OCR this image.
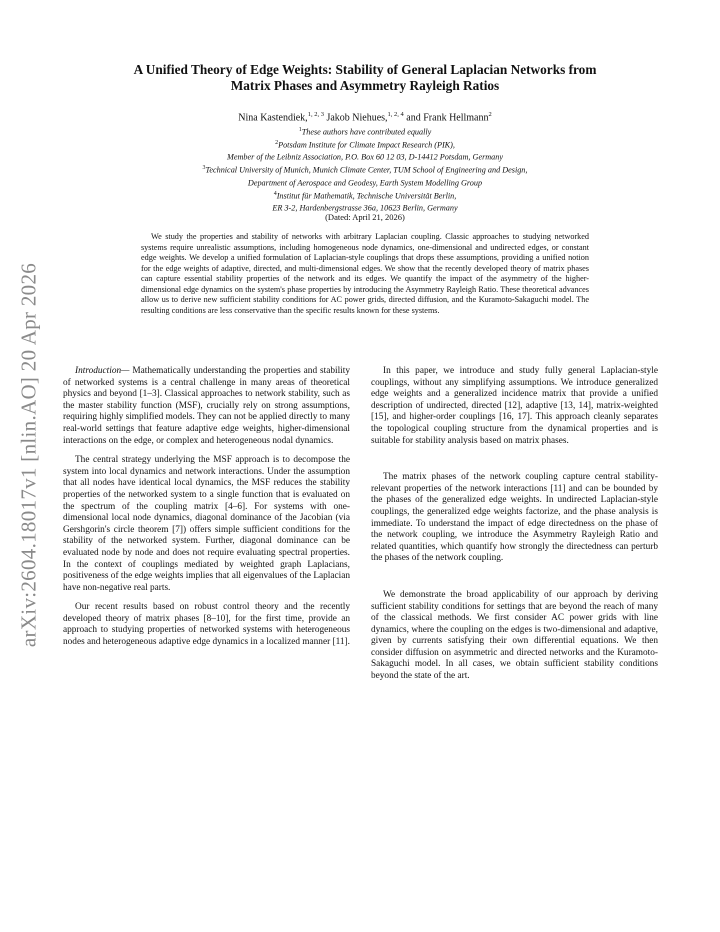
arXiv:2604.18017v1 [nlin.AO] 20 Apr 2026
A Unified Theory of Edge Weights: Stability of General Laplacian Networks from
Matrix Phases and Asymmetry Rayleigh Ratios
Nina Kastendiek,$^{1, 2, 3}$ Jakob Niehues,$^{1, 2, 4}$ and Frank Hellmann$^2$
$^1$These authors have contributed equally
$^2$Potsdam Institute for Climate Impact Research (PIK),
Member of the Leibniz Association, P.O. Box 60 12 03, D-14412 Potsdam, Germany
$^3$Technical University of Munich, Munich Climate Center, TUM School of Engineering and Design,
Department of Aerospace and Geodesy, Earth System Modelling Group
$^4$Institut für Mathematik, Technische Universität Berlin,
ER 3-2, Hardenbergstrasse 36a, 10623 Berlin, Germany
(Dated: April 21, 2026)
We study the properties and stability of networks with arbitrary Laplacian coupling. Classic approaches to studying networked systems require unrealistic assumptions, including homogeneous node dynamics, one-dimensional and undirected edges, or constant edge weights. We develop a unified formulation of Laplacian-style couplings that drops these assumptions, providing a unified notion for the edge weights of adaptive, directed, and multi-dimensional edges. We show that the recently developed theory of matrix phases can capture essential stability properties of the network and its edges. We quantify the impact of the asymmetry of the higher-dimensional edge dynamics on the system's phase properties by introducing the Asymmetry Rayleigh Ratio. These theoretical advances allow us to derive new sufficient stability conditions for AC power grids, directed diffusion, and the Kuramoto-Sakaguchi model. The resulting conditions are less conservative than the specific results known for these systems.

Introduction— Mathematically understanding the properties and stability of networked systems is a central challenge in many areas of theoretical physics and beyond [1–3]. Classical approaches to network stability, such as the master stability function (MSF), crucially rely on strong assumptions, requiring highly simplified models. They can not be applied directly to many real-world settings that feature adaptive edge weights, higher-dimensional interactions on the edge, or complex and heterogeneous nodal dynamics.

The central strategy underlying the MSF approach is to decompose the system into local dynamics and network interactions. Under the assumption that all nodes have identical local dynamics, the MSF reduces the stability properties of the networked system to a single function that is evaluated on the spectrum of the coupling matrix [4–6]. For systems with one-dimensional local node dynamics, diagonal dominance of the Jacobian (via Gershgorin's circle theorem [7]) offers simple sufficient conditions for the stability of the networked system. Further, diagonal dominance can be evaluated node by node and does not require evaluating spectral properties. In the context of couplings mediated by weighted graph Laplacians, positiveness of the edge weights implies that all eigenvalues of the Laplacian have non-negative real parts.

Our recent results based on robust control theory and the recently developed theory of matrix phases [8–10], for the first time, provide an approach to studying properties of networked systems with heterogeneous nodes and heterogeneous adaptive edge dynamics in a localized manner [11].

In this paper, we introduce and study fully general Laplacian-style couplings, without any simplifying assumptions. We introduce generalized edge weights and a generalized incidence matrix that provide a unified description of undirected, directed [12], adaptive [13, 14], matrix-weighted [15], and higher-order couplings [16, 17]. This approach cleanly separates the topological coupling structure from the dynamical properties and is suitable for stability analysis based on matrix phases.

The matrix phases of the network coupling capture central stability-relevant properties of the network interactions [11] and can be bounded by the phases of the generalized edge weights. In undirected Laplacian-style couplings, the generalized edge weights factorize, and the phase analysis is immediate. To understand the impact of edge directedness on the phase of the network coupling, we introduce the Asymmetry Rayleigh Ratio and related quantities, which quantify how strongly the directedness can perturb the phases of the network coupling.

We demonstrate the broad applicability of our approach by deriving sufficient stability conditions for settings that are beyond the reach of many of the classical methods. We first consider AC power grids with line dynamics, where the coupling on the edges is two-dimensional and adaptive, given by currents satisfying their own differential equations. We then consider diffusion on asymmetric and directed networks and the Kuramoto-Sakaguchi model. In all cases, we obtain sufficient stability conditions beyond the state of the art.
